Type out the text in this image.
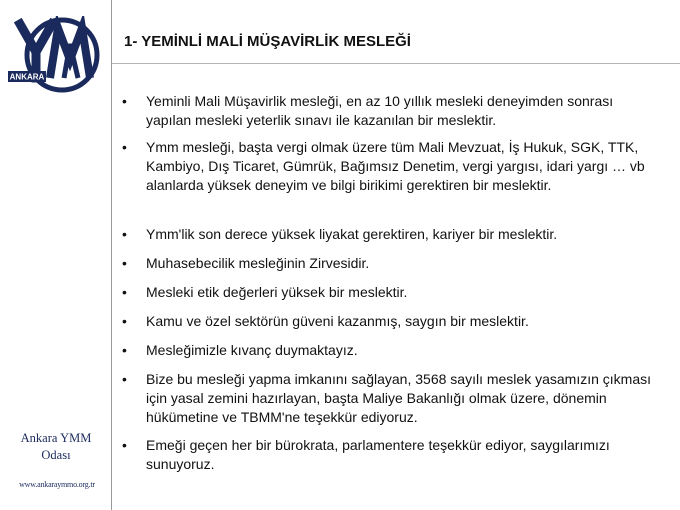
ANKARA
Ankara YMM
Odası
www.ankaraymmo.org.tr
1- YEMİNLİ MALİ MÜŞAVİRLİK MESLEĞİ
• Yeminli Mali Müşavirlik mesleği, en az 10 yıllık mesleki deneyimden sonrası yapılan mesleki yeterlik sınavı ile kazanılan bir meslektir.
• Ymm mesleği, başta vergi olmak üzere tüm Mali Mevzuat, İş Hukuk, SGK, TTK, Kambiyo, Dış Ticaret, Gümrük, Bağımsız Denetim, vergi yargısı, idari yargı … vb alanlarda yüksek deneyim ve bilgi birikimi gerektiren bir meslektir.
• Ymm'lik son derece yüksek liyakat gerektiren, kariyer bir meslektir.
• Muhasebecilik mesleğinin Zirvesidir.
• Mesleki etik değerleri yüksek bir meslektir.
• Kamu ve özel sektörün güveni kazanmış, saygın bir meslektir.
• Mesleğimizle kıvanç duymaktayız.
• Bize bu mesleği yapma imkanını sağlayan, 3568 sayılı meslek yasamızın çıkması için yasal zemini hazırlayan, başta Maliye Bakanlığı olmak üzere, dönemin hükümetine ve TBMM'ne teşekkür ediyoruz.
• Emeği geçen her bir bürokrata, parlamentere teşekkür ediyor, saygılarımızı sunuyoruz.
